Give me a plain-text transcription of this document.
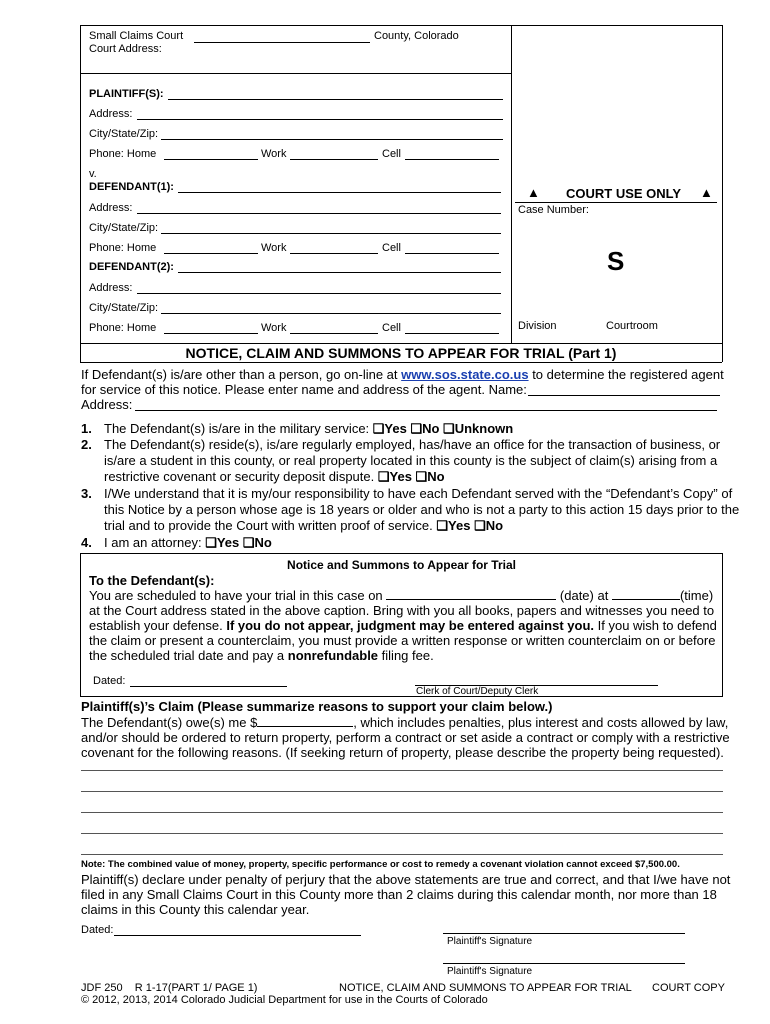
Small Claims Court	County, Colorado
Court Address:
PLAINTIFF(S):
Address:
City/State/Zip:
Phone: Home	Work	Cell
v.
DEFENDANT(1):
Address:
City/State/Zip:
Phone: Home	Work	Cell
DEFENDANT(2):
Address:
City/State/Zip:
Phone: Home	Work	Cell
▲ COURT USE ONLY ▲
Case Number:
S
Division	Courtroom
NOTICE, CLAIM AND SUMMONS TO APPEAR FOR TRIAL (Part 1)
If Defendant(s) is/are other than a person, go on-line at www.sos.state.co.us to determine the registered agent
for service of this notice. Please enter name and address of the agent. Name:
Address:
1. The Defendant(s) is/are in the military service: ❑Yes ❑No ❑Unknown
2. The Defendant(s) reside(s), is/are regularly employed, has/have an office for the transaction of business, or
is/are a student in this county, or real property located in this county is the subject of claim(s) arising from a
restrictive covenant or security deposit dispute. ❑Yes ❑No
3. I/We understand that it is my/our responsibility to have each Defendant served with the “Defendant’s Copy” of
this Notice by a person whose age is 18 years or older and who is not a party to this action 15 days prior to the
trial and to provide the Court with written proof of service. ❑Yes ❑No
4. I am an attorney: ❑Yes ❑No
Notice and Summons to Appear for Trial
To the Defendant(s):
You are scheduled to have your trial in this case on	(date) at	(time)
at the Court address stated in the above caption. Bring with you all books, papers and witnesses you need to
establish your defense. If you do not appear, judgment may be entered against you. If you wish to defend
the claim or present a counterclaim, you must provide a written response or written counterclaim on or before
the scheduled trial date and pay a nonrefundable filing fee.
Dated:
Clerk of Court/Deputy Clerk
Plaintiff(s)’s Claim (Please summarize reasons to support your claim below.)
The Defendant(s) owe(s) me $	, which includes penalties, plus interest and costs allowed by law,
and/or should be ordered to return property, perform a contract or set aside a contract or comply with a restrictive
covenant for the following reasons. (If seeking return of property, please describe the property being requested).
Note: The combined value of money, property, specific performance or cost to remedy a covenant violation cannot exceed $7,500.00.
Plaintiff(s) declare under penalty of perjury that the above statements are true and correct, and that I/we have not
filed in any Small Claims Court in this County more than 2 claims during this calendar month, nor more than 18
claims in this County this calendar year.
Dated:
Plaintiff's Signature
Plaintiff's Signature
JDF 250    R 1-17(PART 1/ PAGE 1)	NOTICE, CLAIM AND SUMMONS TO APPEAR FOR TRIAL COURT COPY
© 2012, 2013, 2014 Colorado Judicial Department for use in the Courts of Colorado
